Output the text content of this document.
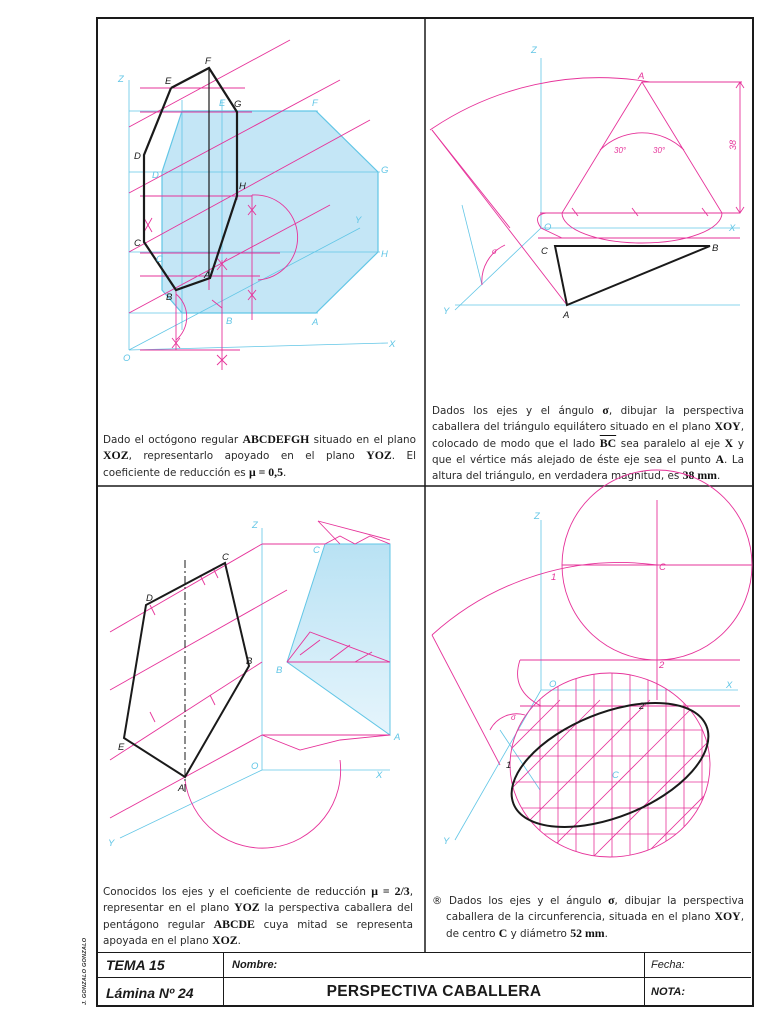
Z
X
Y
O
A
B
C
D
E	F
G
H
A
B
C
D
E
F
G
H
Dado el octógono regular ABCDEFGH situado en el plano XOZ, representarlo apoyado en el plano YOZ. El coeficiente de reducción es μ = 0,5.
Z
X
Y
O
A
30°	30°
38
σ
A
B
C
Dados los ejes y el ángulo σ, dibujar la perspectiva caballera del triángulo equilátero situado en el plano XOY, colocado de modo que el lado $\overline{BC}$ sea paralelo al eje X y que el vértice más alejado de éste eje sea el punto A. La altura del triángulo, en verdadera magnitud, es 38 mm.
Z
X
Y
O
C
B
A
A
B
C
D
E
Conocidos los ejes y el coeficiente de reducción μ = 2/3, representar en el plano YOZ la perspectiva caballera del pentágono regular ABCDE cuya mitad se representa apoyada en el plano XOZ.
Z
X
Y
O
C
C
1
2
σ
1
2
® Dados los ejes y el ángulo σ, dibujar la perspectiva caballera de la circunferencia, situada en el plano XOY, de centro C y diámetro 52 mm.
TEMA 15	Nombre:	Fecha:
Lámina Nº 24	PERSPECTIVA CABALLERA	NOTA:
J. GONZALO GONZALO
